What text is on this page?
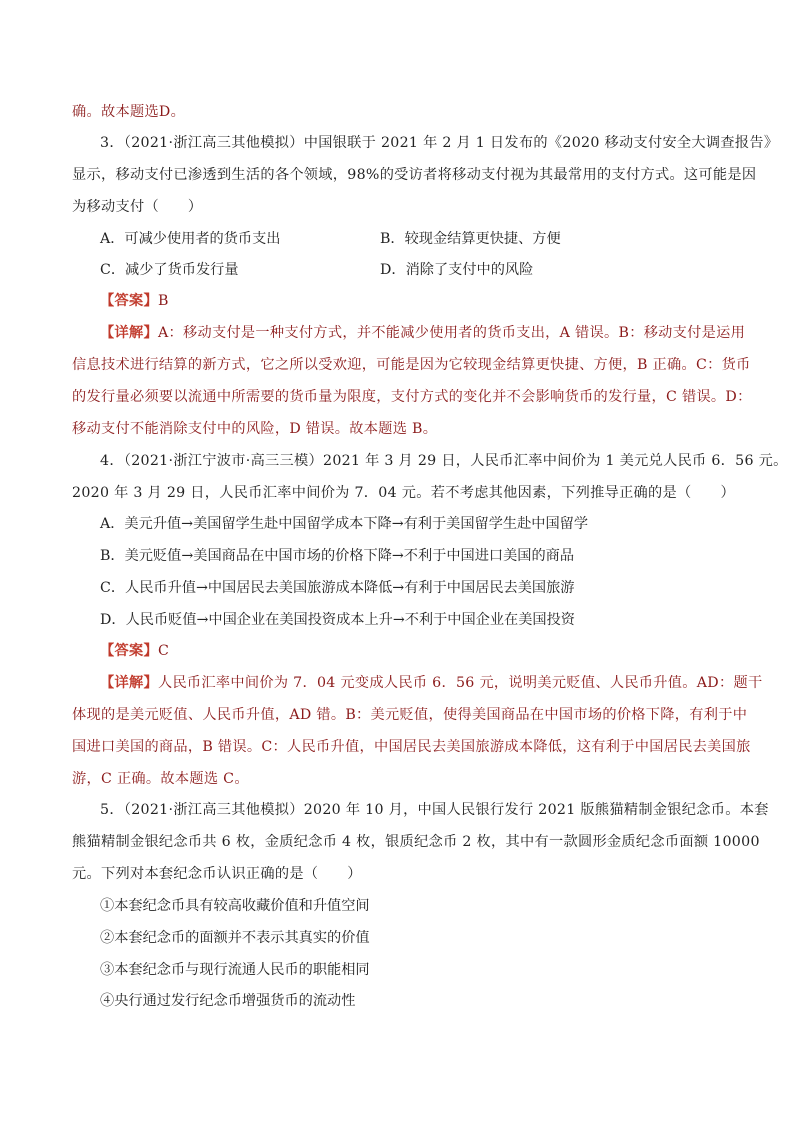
确。故本题选D。
3．（2021·浙江高三其他模拟）中国银联于 2021 年 2 月 1 日发布的《2020 移动支付安全大调查报告》
显示，移动支付已渗透到生活的各个领域，98%的受访者将移动支付视为其最常用的支付方式。这可能是因
为移动支付（　　）
A．可减少使用者的货币支出	B．较现金结算更快捷、方便
C．减少了货币发行量	D．消除了支付中的风险
【答案】B
【详解】A：移动支付是一种支付方式，并不能减少使用者的货币支出，A 错误。B：移动支付是运用
信息技术进行结算的新方式，它之所以受欢迎，可能是因为它较现金结算更快捷、方便，B 正确。C：货币
的发行量必须要以流通中所需要的货币量为限度，支付方式的变化并不会影响货币的发行量，C 错误。D：
移动支付不能消除支付中的风险，D 错误。故本题选 B。
4．（2021·浙江宁波市·高三三模）2021 年 3 月 29 日，人民币汇率中间价为 1 美元兑人民币 6．56 元。
2020 年 3 月 29 日，人民币汇率中间价为 7．04 元。若不考虑其他因素，下列推导正确的是（　　）
A．美元升值→美国留学生赴中国留学成本下降→有利于美国留学生赴中国留学
B．美元贬值→美国商品在中国市场的价格下降→不利于中国进口美国的商品
C．人民币升值→中国居民去美国旅游成本降低→有利于中国居民去美国旅游
D．人民币贬值→中国企业在美国投资成本上升→不利于中国企业在美国投资
【答案】C
【详解】人民币汇率中间价为 7．04 元变成人民币 6．56 元，说明美元贬值、人民币升值。AD：题干
体现的是美元贬值、人民币升值，AD 错。B：美元贬值，使得美国商品在中国市场的价格下降，有利于中
国进口美国的商品，B 错误。C：人民币升值，中国居民去美国旅游成本降低，这有利于中国居民去美国旅
游，C 正确。故本题选 C。
5．（2021·浙江高三其他模拟）2020 年 10 月，中国人民银行发行 2021 版熊猫精制金银纪念币。本套
熊猫精制金银纪念币共 6 枚，金质纪念币 4 枚，银质纪念币 2 枚，其中有一款圆形金质纪念币面额 10000
元。下列对本套纪念币认识正确的是（　　）
①本套纪念币具有较高收藏价值和升值空间
②本套纪念币的面额并不表示其真实的价值
③本套纪念币与现行流通人民币的职能相同
④央行通过发行纪念币增强货币的流动性
